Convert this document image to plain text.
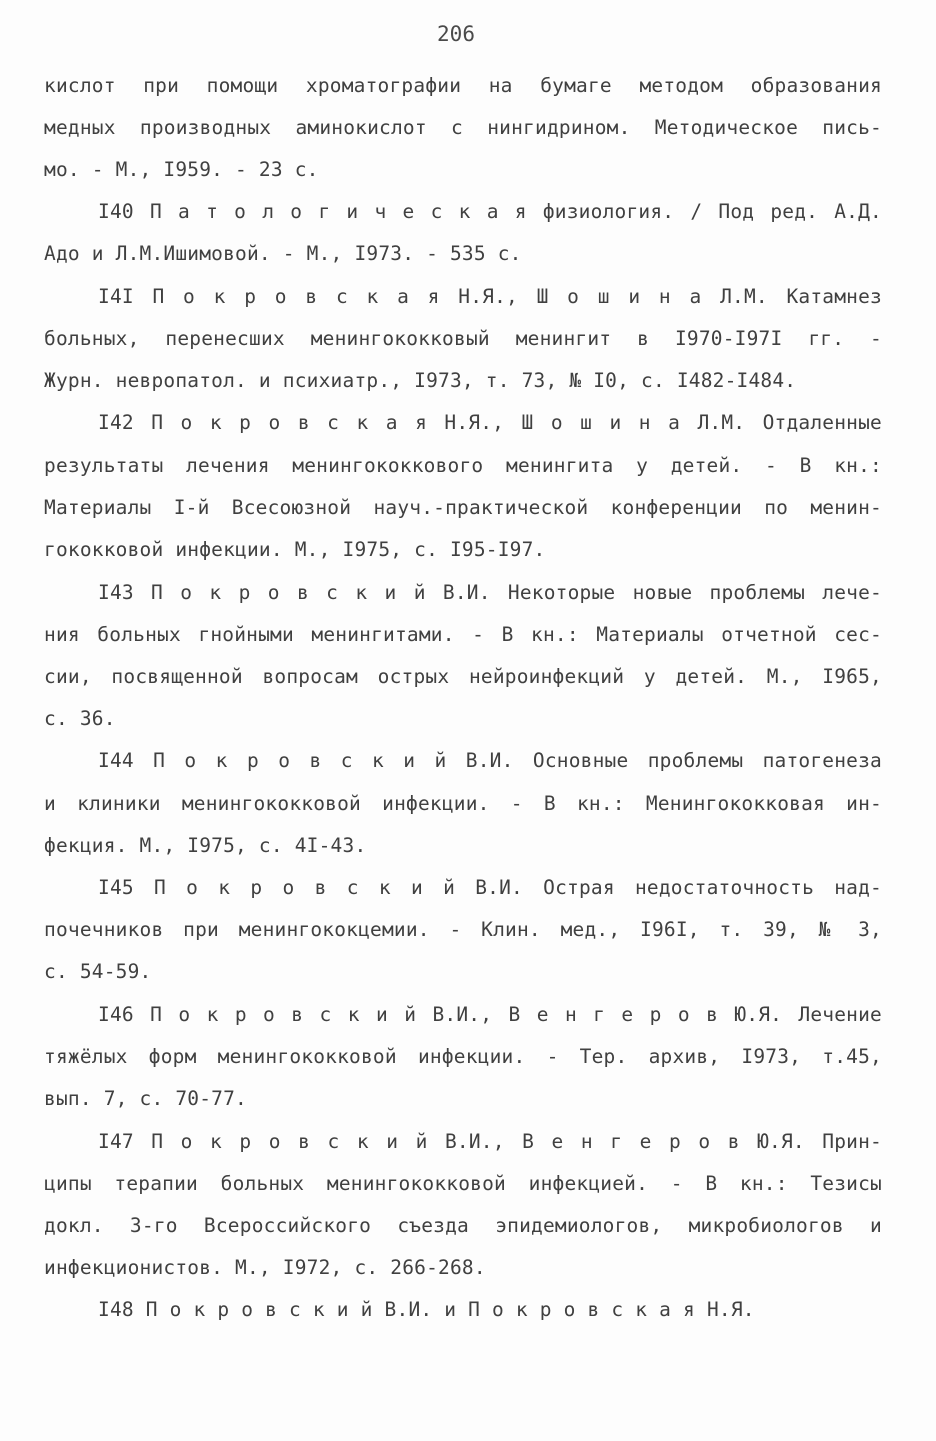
206
кислот при помощи хроматографии на бумаге методом образования
медных производных аминокислот с нингидрином. Методическое пись-
мо. - М., I959. - 23 с.
I40 П а т о л о г и ч е с к а я физиология. / Под ред. А.Д.
Адо и Л.М.Ишимовой. - М., I973. - 535 с.
I4I П о к р о в с к а я Н.Я., Ш о ш и н а Л.М. Катамнез
больных, перенесших менингококковый менингит в I970-I97I гг. -
Журн. невропатол. и психиатр., I973, т. 73, № I0, с. I482-I484.
I42 П о к р о в с к а я Н.Я., Ш о ш и н а Л.М. Отдаленные
результаты лечения менингококкового менингита у детей. - В кн.:
Материалы I-й Всесоюзной науч.-практической конференции по менин-
гококковой инфекции. М., I975, с. I95-I97.
I43 П о к р о в с к и й В.И. Некоторые новые проблемы лече-
ния больных гнойными менингитами. - В кн.: Материалы отчетной сес-
сии, посвященной вопросам острых нейроинфекций у детей. М., I965,
с. 36.
I44 П о к р о в с к и й В.И. Основные проблемы патогенеза
и клиники менингококковой инфекции. - В кн.: Менингококковая ин-
фекция. М., I975, с. 4I-43.
I45 П о к р о в с к и й В.И. Острая недостаточность над-
почечников при менингококцемии. - Клин. мед., I96I, т. 39, № 3,
с. 54-59.
I46 П о к р о в с к и й В.И., В е н г е р о в Ю.Я. Лечение
тяжёлых форм менингококковой инфекции. - Тер. архив, I973, т.45,
вып. 7, с. 70-77.
I47 П о к р о в с к и й В.И., В е н г е р о в Ю.Я. Прин-
ципы терапии больных менингококковой инфекцией. - В кн.: Тезисы
докл. 3-го Всероссийского съезда эпидемиологов, микробиологов и
инфекционистов. М., I972, с. 266-268.
I48 П о к р о в с к и й В.И. и П о к р о в с к а я Н.Я.
